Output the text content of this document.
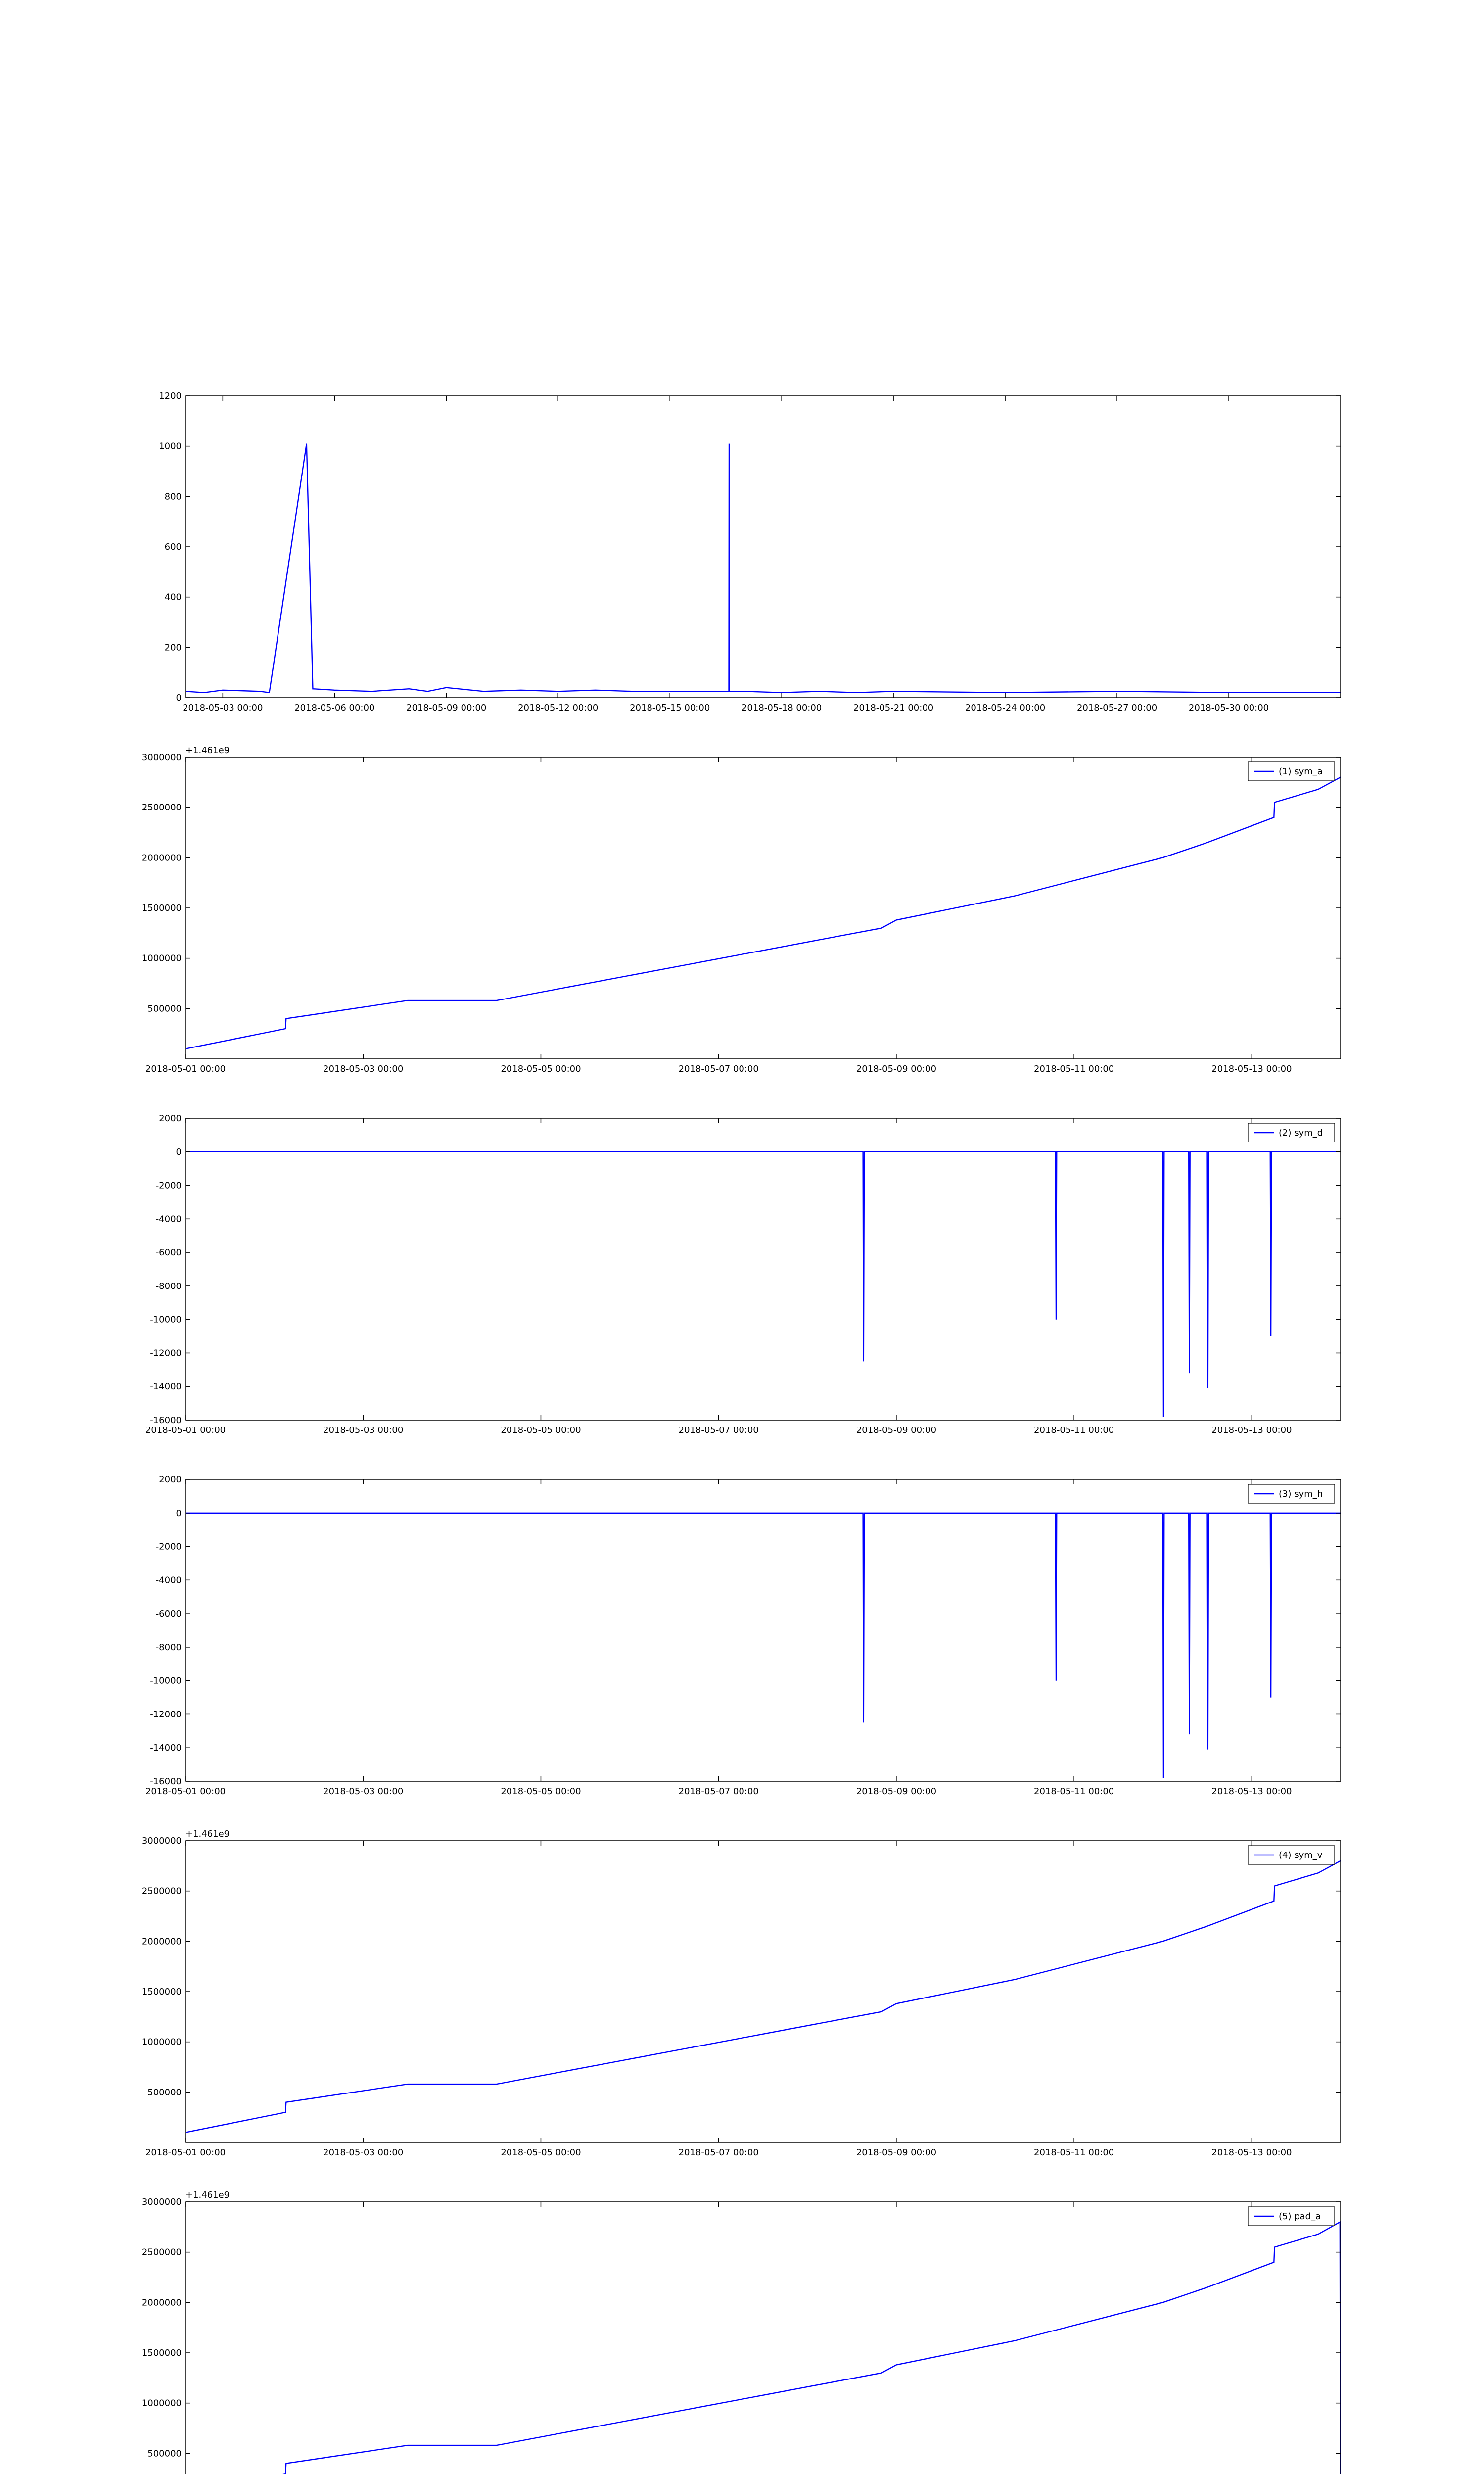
0
200
400
600
800
1000
1200
2018-05-03 00:00	2018-05-06 00:00	2018-05-09 00:00	2018-05-12 00:00	2018-05-15 00:00	2018-05-18 00:00	2018-05-21 00:00	2018-05-24 00:00	2018-05-27 00:00	2018-05-30 00:00
500000
1000000
1500000
2000000
2500000
3000000
2018-05-01 00:00	2018-05-03 00:00	2018-05-05 00:00	2018-05-07 00:00	2018-05-09 00:00	2018-05-11 00:00	2018-05-13 00:00
+1.461e9
(1) sym_a
2000
0
-2000
-4000
-6000
-8000
-10000
-12000
-14000
-16000
2018-05-01 00:00	2018-05-03 00:00	2018-05-05 00:00	2018-05-07 00:00	2018-05-09 00:00	2018-05-11 00:00	2018-05-13 00:00
(2) sym_d
2000
0
-2000
-4000
-6000
-8000
-10000
-12000
-14000
-16000
2018-05-01 00:00	2018-05-03 00:00	2018-05-05 00:00	2018-05-07 00:00	2018-05-09 00:00	2018-05-11 00:00	2018-05-13 00:00
(3) sym_h
500000
1000000
1500000
2000000
2500000
3000000
2018-05-01 00:00	2018-05-03 00:00	2018-05-05 00:00	2018-05-07 00:00	2018-05-09 00:00	2018-05-11 00:00	2018-05-13 00:00
+1.461e9
(4) sym_v
500000
1000000
1500000
2000000
2500000
3000000
+1.461e9
(5) pad_a
